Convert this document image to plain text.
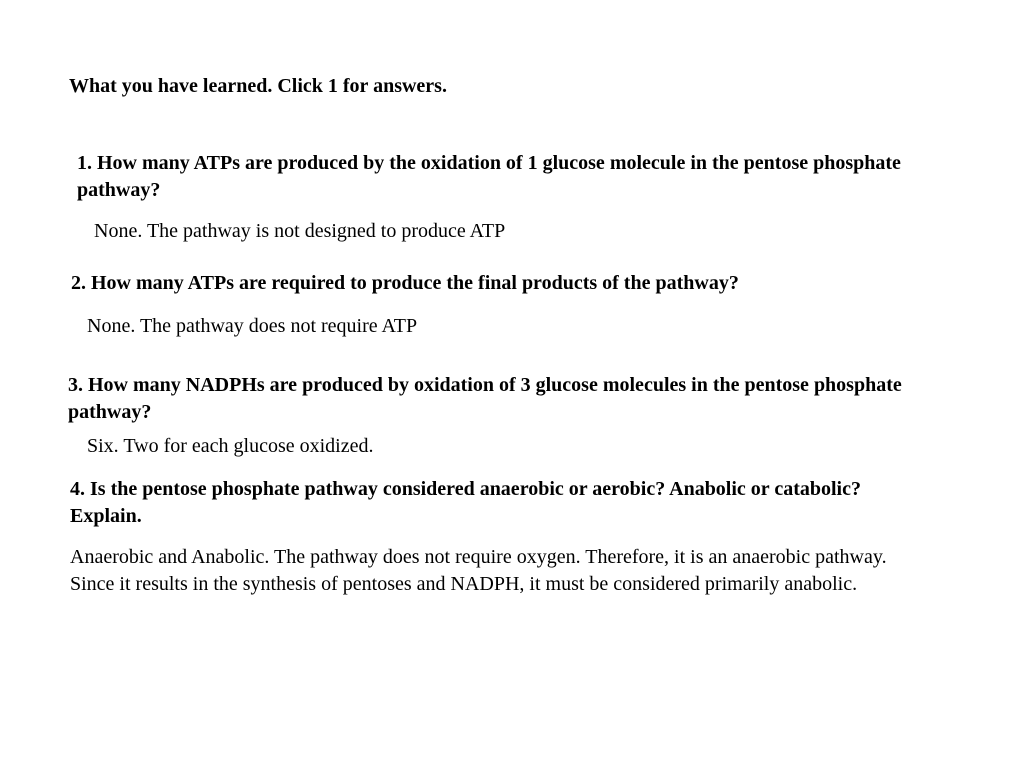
What you have learned. Click 1 for answers.

1. How many ATPs are produced by the oxidation of 1 glucose molecule in the pentose phosphate pathway?

None. The pathway is not designed to produce ATP

2. How many ATPs are required to produce the final products of the pathway?

None. The pathway does not require ATP

3. How many NADPHs are produced by oxidation of 3 glucose molecules in the pentose phosphate pathway?

Six. Two for each glucose oxidized.

4. Is the pentose phosphate pathway considered anaerobic or aerobic? Anabolic or catabolic? Explain.

Anaerobic and Anabolic. The pathway does not require oxygen. Therefore, it is an anaerobic pathway. Since it results in the synthesis of pentoses and NADPH, it must be considered primarily anabolic.
